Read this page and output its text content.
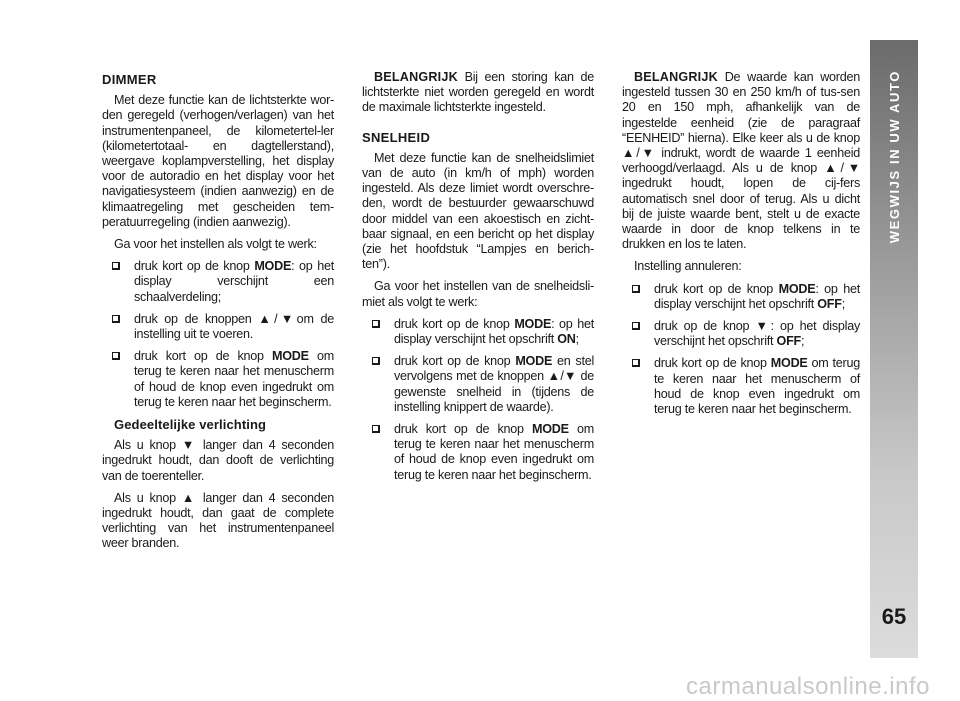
DIMMER

Met deze functie kan de lichtsterkte wor-den geregeld (verhogen/verlagen) van het instrumentenpaneel, de kilometertel-ler (kilometertotaal- en dagtellerstand), weergave koplampverstelling, het display voor de autoradio en het display voor het navigatiesysteem (indien aanwezig) en de klimaatregeling met gescheiden tem-peratuurregeling (indien aanwezig).

Ga voor het instellen als volgt te werk:

druk kort op de knop MODE: op het display verschijnt een schaalverdeling;
druk op de knoppen ▲/▼om de instelling uit te voeren.
druk kort op de knop MODE om terug te keren naar het menuscherm of houd de knop even ingedrukt om terug te keren naar het beginscherm.
Gedeeltelijke verlichting

Als u knop ▼ langer dan 4 seconden ingedrukt houdt, dan dooft de verlichting van de toerenteller.

Als u knop ▲ langer dan 4 seconden ingedrukt houdt, dan gaat de complete verlichting van het instrumentenpaneel weer branden.

BELANGRIJK Bij een storing kan de lichtsterkte niet worden geregeld en wordt de maximale lichtsterkte ingesteld.

SNELHEID

Met deze functie kan de snelheidslimiet van de auto (in km/h of mph) worden ingesteld. Als deze limiet wordt overschre-den, wordt de bestuurder gewaarschuwd door middel van een akoestisch en zicht-baar signaal, en een bericht op het display (zie het hoofdstuk “Lampjes en berich-ten”).

Ga voor het instellen van de snelheidsli-miet als volgt te werk:

druk kort op de knop MODE: op het display verschijnt het opschrift ON;
druk kort op de knop MODE en stel vervolgens met de knoppen ▲/▼ de gewenste snelheid in (tijdens de instelling knippert de waarde).
druk kort op de knop MODE om terug te keren naar het menuscherm of houd de knop even ingedrukt om terug te keren naar het beginscherm.

BELANGRIJK De waarde kan worden ingesteld tussen 30 en 250 km/h of tus-sen 20 en 150 mph, afhankelijk van de ingestelde eenheid (zie de paragraaf “EENHEID” hierna). Elke keer als u de knop ▲/▼ indrukt, wordt de waarde 1 eenheid verhoogd/verlaagd. Als u de knop ▲/▼ ingedrukt houdt, lopen de cij-fers automatisch snel door of terug. Als u dicht bij de juiste waarde bent, stelt u de exacte waarde in door de knop telkens in te drukken en los te laten.

Instelling annuleren:

druk kort op de knop MODE: op het display verschijnt het opschrift OFF;
druk op de knop ▼: op het display verschijnt het opschrift OFF;
druk kort op de knop MODE om terug te keren naar het menuscherm of houd de knop even ingedrukt om terug te keren naar het beginscherm.
WEGWIJS IN UW AUTO
65
carmanualsonline.info
